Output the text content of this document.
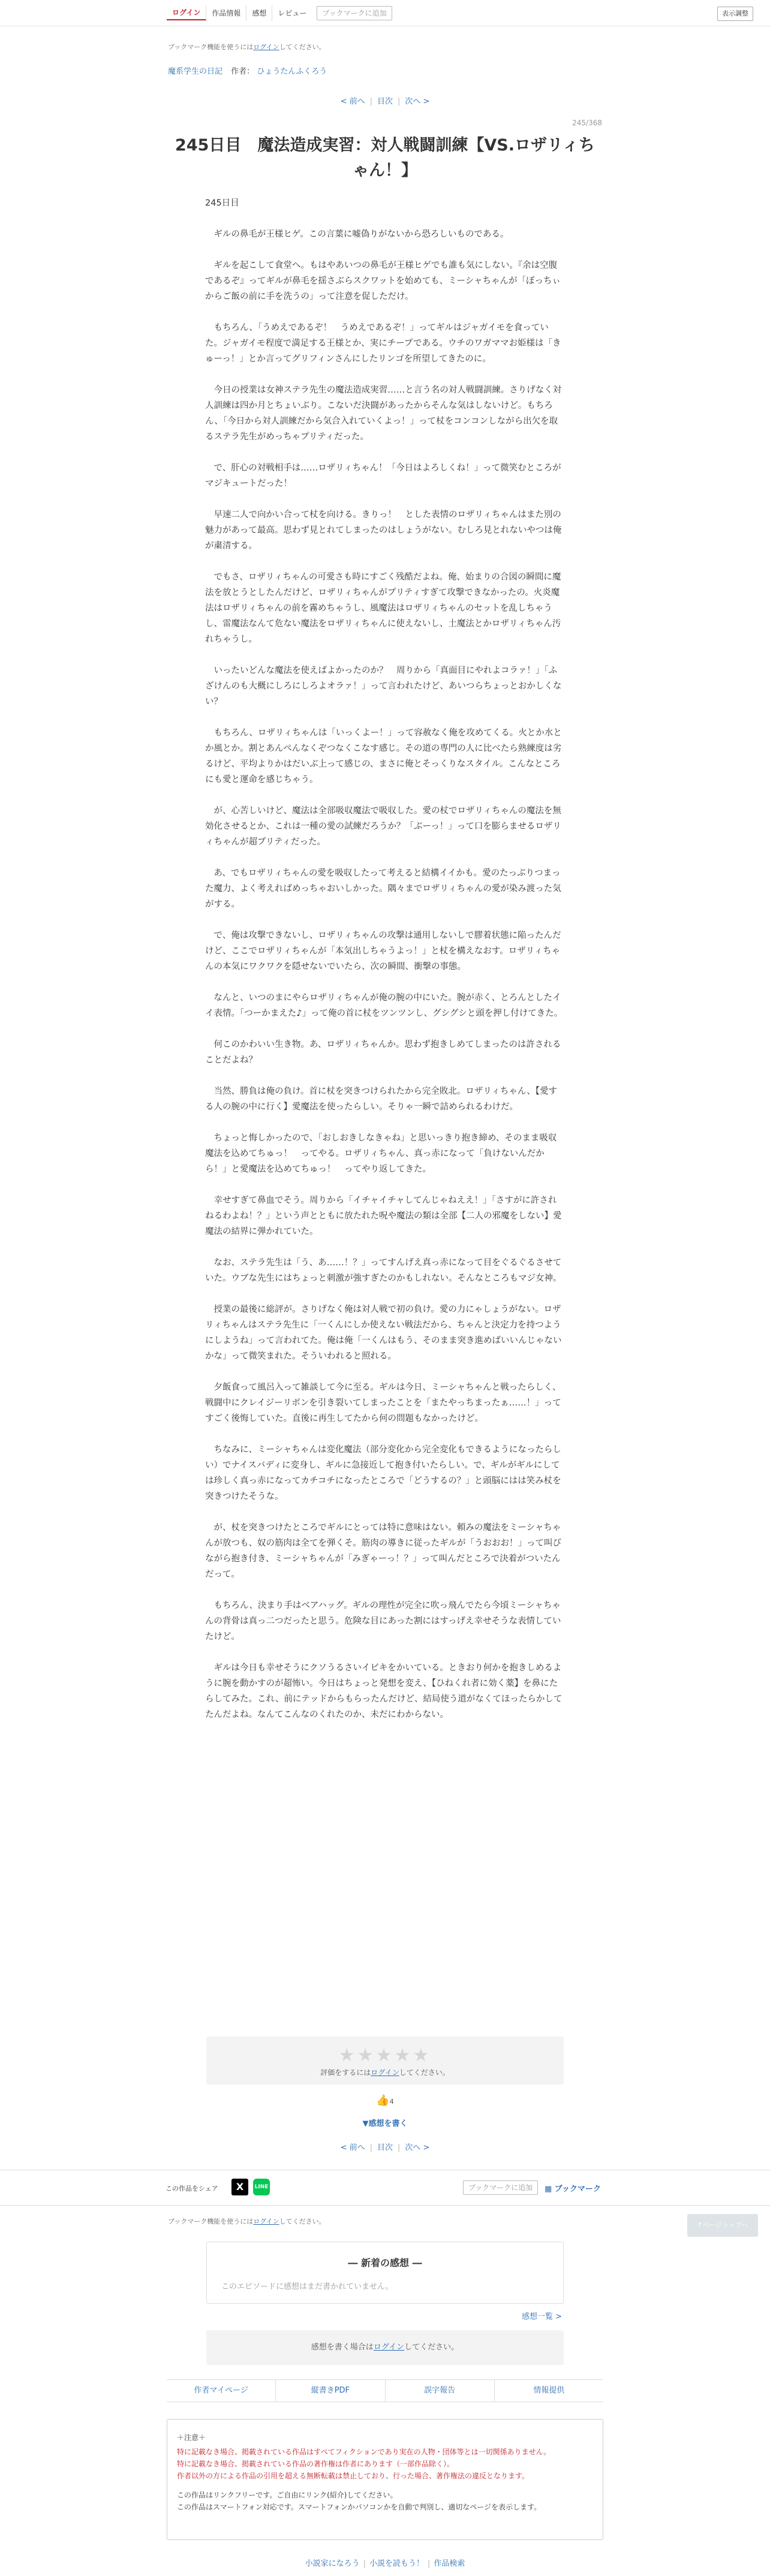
ログイン	作品情報	感想	レビュー	ブックマークに追加	表示調整
ブックマーク機能を使うにはログインしてください。
魔系学生の日記 作者： ひょうたんふくろう
< 前へ | 目次 | 次へ >
245/368
245日目　魔法造成実習：対人戦闘訓練【VS.ロザリィちゃん！】

245日目

　ギルの鼻毛が王様ヒゲ。この言葉に嘘偽りがないから恐ろしいものである。

　ギルを起こして食堂へ。もはやあいつの鼻毛が王様ヒゲでも誰も気にしない。『余は空腹であるぞ』ってギルが鼻毛を揺さぶらスクワットを始めても、ミーシャちゃんが「ぼっちぃからご飯の前に手を洗うの」って注意を促しただけ。

　もちろん、「うめえであるぞ！　うめえであるぞ！」ってギルはジャガイモを食っていた。ジャガイモ程度で満足する王様とか、実にチープである。ウチのワガママお姫様は「きゅーっ！」とか言ってグリフィンさんにしたリンゴを所望してきたのに。

　今日の授業は女神ステラ先生の魔法造成実習……と言う名の対人戦闘訓練。さりげなく対人訓練は四か月とちょいぶり。こないだ決闘があったからそんな気はしないけど。もちろん、「今日から対人訓練だから気合入れていくよっ！」って杖をコンコンしながら出欠を取るステラ先生がめっちゃプリティだった。

　で、肝心の対戦相手は……ロザリィちゃん！「今日はよろしくね！」って微笑むところがマジキュートだった！

　早速二人で向かい合って杖を向ける。きりっ！　とした表情のロザリィちゃんはまた別の魅力があって最高。思わず見とれてしまったのはしょうがない。むしろ見とれないやつは俺が粛清する。

　でもさ、ロザリィちゃんの可愛さも時にすごく残酷だよね。俺、始まりの合図の瞬間に魔法を放とうとしたんだけど、ロザリィちゃんがプリティすぎて攻撃できなかったの。火炎魔法はロザリィちゃんの前を霧めちゃうし、風魔法はロザリィちゃんのセットを乱しちゃうし、雷魔法なんて危ない魔法をロザリィちゃんに使えないし、土魔法とかロザリィちゃん汚れちゃうし。

　いったいどんな魔法を使えばよかったのか？　周りから「真面目にやれよコラァ！」「ふざけんのも大概にしろにしろよオラァ！」って言われたけど、あいつらちょっとおかしくない？

　もちろん、ロザリィちゃんは「いっくよー！」って容赦なく俺を攻めてくる。火とか水とか風とか。割とあんぺんなくぞつなくこなす感じ。その道の専門の人に比べたら熟練度は劣るけど、平均よりかはだいぶ上って感じの、まさに俺とそっくりなスタイル。こんなところにも愛と運命を感じちゃう。

　が、心苦しいけど、魔法は全部吸収魔法で吸収した。愛の杖でロザリィちゃんの魔法を無効化させるとか、これは一種の愛の試練だろうか？「ぶーっ！」って口を膨らませるロザリィちゃんが超プリティだった。

　あ、でもロザリィちゃんの愛を吸収したって考えると結構イイかも。愛のたっぷりつまった魔力、よく考えればめっちゃおいしかった。隅々までロザリィちゃんの愛が染み渡った気がする。

　で、俺は攻撃できないし、ロザリィちゃんの攻撃は通用しないしで膠着状態に陥ったんだけど、ここでロザリィちゃんが「本気出しちゃうよっ！」と杖を構えなおす。ロザリィちゃんの本気にワクワクを隠せないでいたら、次の瞬間、衝撃の事態。

　なんと、いつのまにやらロザリィちゃんが俺の腕の中にいた。腕が赤く、とろんとしたイイ表情。「つーかまえた♪」って俺の首に杖をツンツンし、グシグシと頭を押し付けてきた。

　何このかわいい生き物。あ、ロザリィちゃんか。思わず抱きしめてしまったのは許されることだよね？

　当然、勝負は俺の負け。首に杖を突きつけられたから完全敗北。ロザリィちゃん、【愛する人の腕の中に行く】愛魔法を使ったらしい。そりゃ一瞬で詰められるわけだ。

　ちょっと悔しかったので、「おしおきしなきゃね」と思いっきり抱き締め、そのまま吸収魔法を込めてちゅっ！　ってやる。ロザリィちゃん、真っ赤になって「負けないんだから！」と愛魔法を込めてちゅっ！　ってやり返してきた。

　幸せすぎて鼻血でそう。周りから「イチャイチャしてんじゃねええ！」「さすがに許されねるわよね！？」という声とともに放たれた呪や魔法の類は全部【二人の邪魔をしない】愛魔法の結界に弾かれていた。

　なお、ステラ先生は「う、あ……！？」ってすんげえ真っ赤になって目をぐるぐるさせていた。ウブな先生にはちょっと刺激が強すぎたのかもしれない。そんなところもマジ女神。

　授業の最後に総評が。さりげなく俺は対人戦で初の負け。愛の力にゃしょうがない。ロザリィちゃんはステラ先生に「一くんにしか使えない戦法だから、ちゃんと決定力を持つようにしようね」って言われてた。俺は俺「一くんはもう、そのまま突き進めばいいんじゃないかな」って微笑まれた。そういわれると照れる。

　夕飯食って風呂入って雑談して今に至る。ギルは今日、ミーシャちゃんと戦ったらしく、戦闘中にクレイジーリボンを引き裂いてしまったことを「またやっちまったぁ……！」ってすごく後悔していた。直後に再生してたから何の問題もなかったけど。

　ちなみに、ミーシャちゃんは変化魔法（部分変化から完全変化もできるようになったらしい）でナイスバディに変身し、ギルに急接近して抱き付いたらしい。で、ギルがギルにしては珍しく真っ赤になってカチコチになったところで「どうするの？」と頭脳にはは笑み杖を突きつけたそうな。

　が、杖を突きつけたところでギルにとっては特に意味はない。頼みの魔法をミーシャちゃんが放つも、奴の筋肉は全てを弾くそ。筋肉の導きに従ったギルが「うおおお！」って叫びながら抱き付き、ミーシャちゃんが「みぎゃーっ！？」って叫んだところで決着がついたんだって。

　もちろん、決まり手はベアハッグ。ギルの理性が完全に吹っ飛んでたら今頃ミーシャちゃんの背骨は真っ二つだったと思う。危険な目にあった割にはすっげえ幸せそうな表情していたけど。

　ギルは今日も幸せそうにクソうるさいイビキをかいている。ときおり何かを抱きしめるように腕を動かすのが超怖い。今日はちょっと発想を変え、【ひねくれ者に効く薬】を鼻にたらしてみた。これ、前にテッドからもらったんだけど、結局使う道がなくてほったらかしてたんだよね。なんてこんなのくれたのか、未だにわからない。

★★★★★
評価をするにはログインしてください。
👍4
▼感想を書く
< 前へ | 目次 | 次へ >
この作品をシェア	X	LINE	ブックマークに追加	▦ ブックマーク
ブックマーク機能を使うにはログインしてください。	↑ページトップへ
― 新着の感想 ―
このエピソードに感想はまだ書かれていません。
感想一覧 >
感想を書く場合はログインしてください。
作者マイページ	縦書きPDF	誤字報告	情報提供
＋注意＋
特に記載なき場合、掲載されている作品はすべてフィクションであり実在の人物・団体等とは一切関係ありません。
特に記載なき場合、掲載されている作品の著作権は作者にあります（一部作品除く）。
作者以外の方による作品の引用を超える無断転載は禁止しており、行った場合、著作権法の違反となります。
この作品はリンクフリーです。ご自由にリンク(紹介)してください。
この作品はスマートフォン対応です。スマートフォンかパソコンかを自動で判別し、適切なページを表示します。
小説家になろう | 小説を読もう！ | 作品検索
